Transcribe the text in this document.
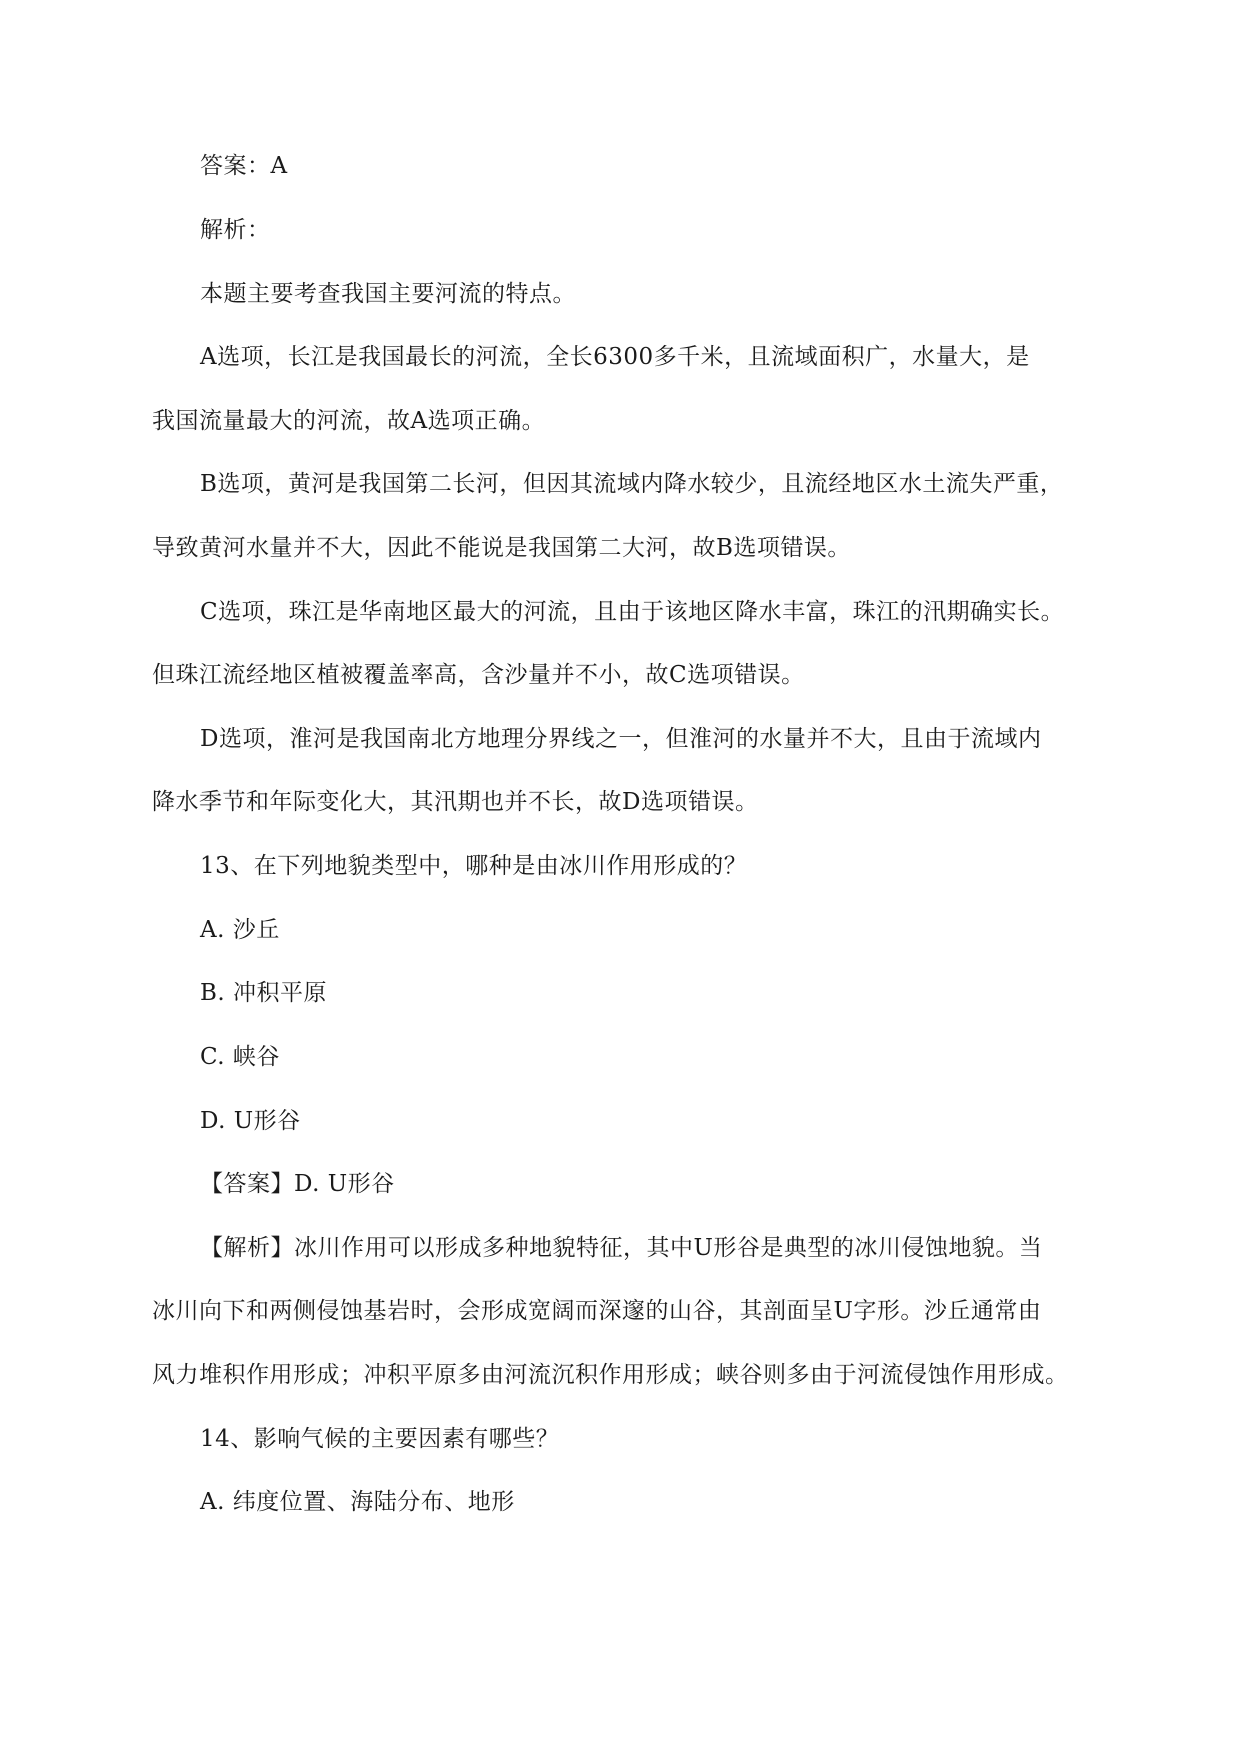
答案：A
解析：
本题主要考查我国主要河流的特点。
A选项，长江是我国最长的河流，全长6300多千米，且流域面积广，水量大，是
我国流量最大的河流，故A选项正确。
B选项，黄河是我国第二长河，但因其流域内降水较少，且流经地区水土流失严重，
导致黄河水量并不大，因此不能说是我国第二大河，故B选项错误。
C选项，珠江是华南地区最大的河流，且由于该地区降水丰富，珠江的汛期确实长。
但珠江流经地区植被覆盖率高，含沙量并不小，故C选项错误。
D选项，淮河是我国南北方地理分界线之一，但淮河的水量并不大，且由于流域内
降水季节和年际变化大，其汛期也并不长，故D选项错误。
13、在下列地貌类型中，哪种是由冰川作用形成的？
A. 沙丘
B. 冲积平原
C. 峡谷
D. U形谷
【答案】D. U形谷
【解析】冰川作用可以形成多种地貌特征，其中U形谷是典型的冰川侵蚀地貌。当
冰川向下和两侧侵蚀基岩时，会形成宽阔而深邃的山谷，其剖面呈U字形。沙丘通常由
风力堆积作用形成；冲积平原多由河流沉积作用形成；峡谷则多由于河流侵蚀作用形成。
14、影响气候的主要因素有哪些？
A. 纬度位置、海陆分布、地形
